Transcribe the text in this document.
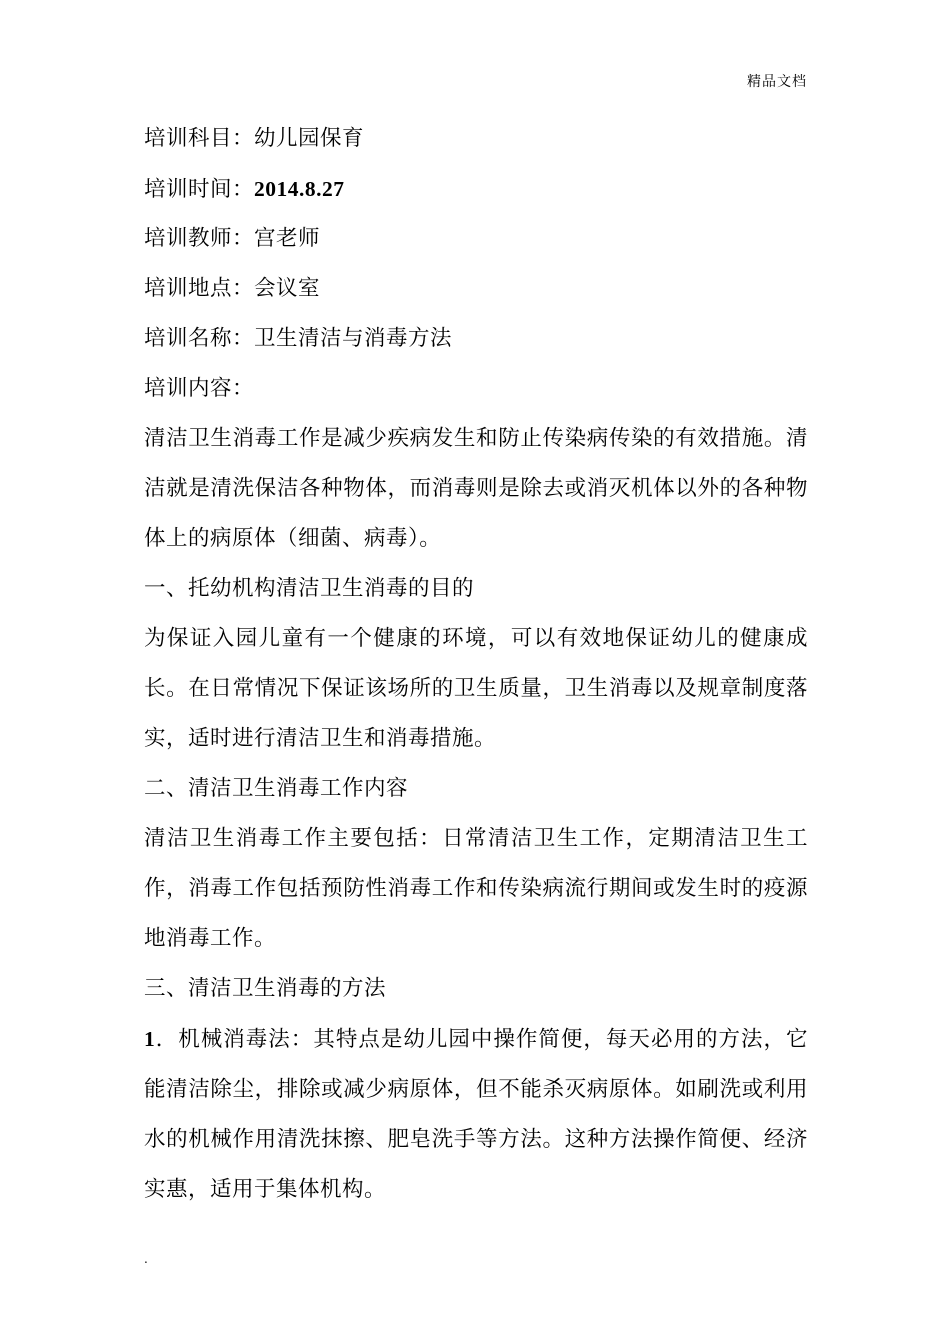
精品文档
培训科目：幼儿园保育
培训时间：2014.8.27
培训教师：宫老师
培训地点：会议室
培训名称：卫生清洁与消毒方法
培训内容：
清洁卫生消毒工作是减少疾病发生和防止传染病传染的有效措施。清洁就是清洗保洁各种物体，而消毒则是除去或消灭机体以外的各种物体上的病原体（细菌、病毒）。
一、托幼机构清洁卫生消毒的目的
为保证入园儿童有一个健康的环境，可以有效地保证幼儿的健康成长。在日常情况下保证该场所的卫生质量，卫生消毒以及规章制度落实，适时进行清洁卫生和消毒措施。
二、清洁卫生消毒工作内容
清洁卫生消毒工作主要包括：日常清洁卫生工作，定期清洁卫生工作，消毒工作包括预防性消毒工作和传染病流行期间或发生时的疫源地消毒工作。
三、清洁卫生消毒的方法
1．机械消毒法：其特点是幼儿园中操作简便，每天必用的方法，它能清洁除尘，排除或减少病原体，但不能杀灭病原体。如刷洗或利用水的机械作用清洗抹擦、肥皂洗手等方法。这种方法操作简便、经济实惠，适用于集体机构。
.
